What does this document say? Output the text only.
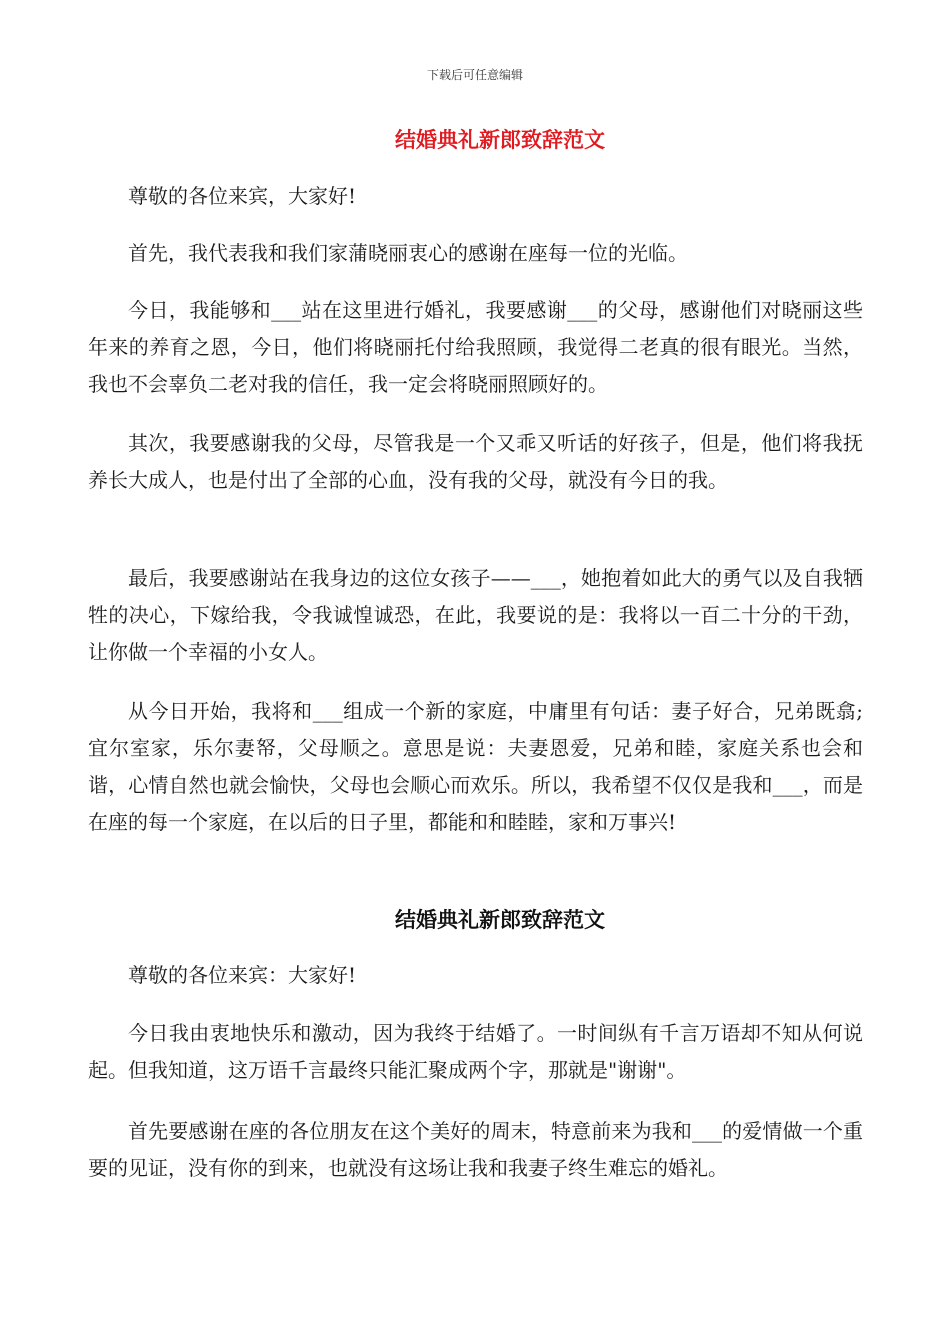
下载后可任意编辑
结婚典礼新郎致辞范文

尊敬的各位来宾，大家好!

首先，我代表我和我们家蒲晓丽衷心的感谢在座每一位的光临。

今日，我能够和___站在这里进行婚礼，我要感谢___的父母，感谢他们对晓丽这些年来的养育之恩，今日，他们将晓丽托付给我照顾，我觉得二老真的很有眼光。当然，我也不会辜负二老对我的信任，我一定会将晓丽照顾好的。

其次，我要感谢我的父母，尽管我是一个又乖又听话的好孩子，但是，他们将我抚养长大成人，也是付出了全部的心血，没有我的父母，就没有今日的我。

最后，我要感谢站在我身边的这位女孩子——___，她抱着如此大的勇气以及自我牺牲的决心，下嫁给我，令我诚惶诚恐，在此，我要说的是：我将以一百二十分的干劲，让你做一个幸福的小女人。

从今日开始，我将和___组成一个新的家庭，中庸里有句话：妻子好合，兄弟既翕;宜尔室家，乐尔妻帑，父母顺之。意思是说：夫妻恩爱，兄弟和睦，家庭关系也会和谐，心情自然也就会愉快，父母也会顺心而欢乐。所以，我希望不仅仅是我和___，而是在座的每一个家庭，在以后的日子里，都能和和睦睦，家和万事兴!

结婚典礼新郎致辞范文

尊敬的各位来宾：大家好!

今日我由衷地快乐和激动，因为我终于结婚了。一时间纵有千言万语却不知从何说起。但我知道，这万语千言最终只能汇聚成两个字，那就是"谢谢"。

首先要感谢在座的各位朋友在这个美好的周末，特意前来为我和___的爱情做一个重要的见证，没有你的到来，也就没有这场让我和我妻子终生难忘的婚礼。
